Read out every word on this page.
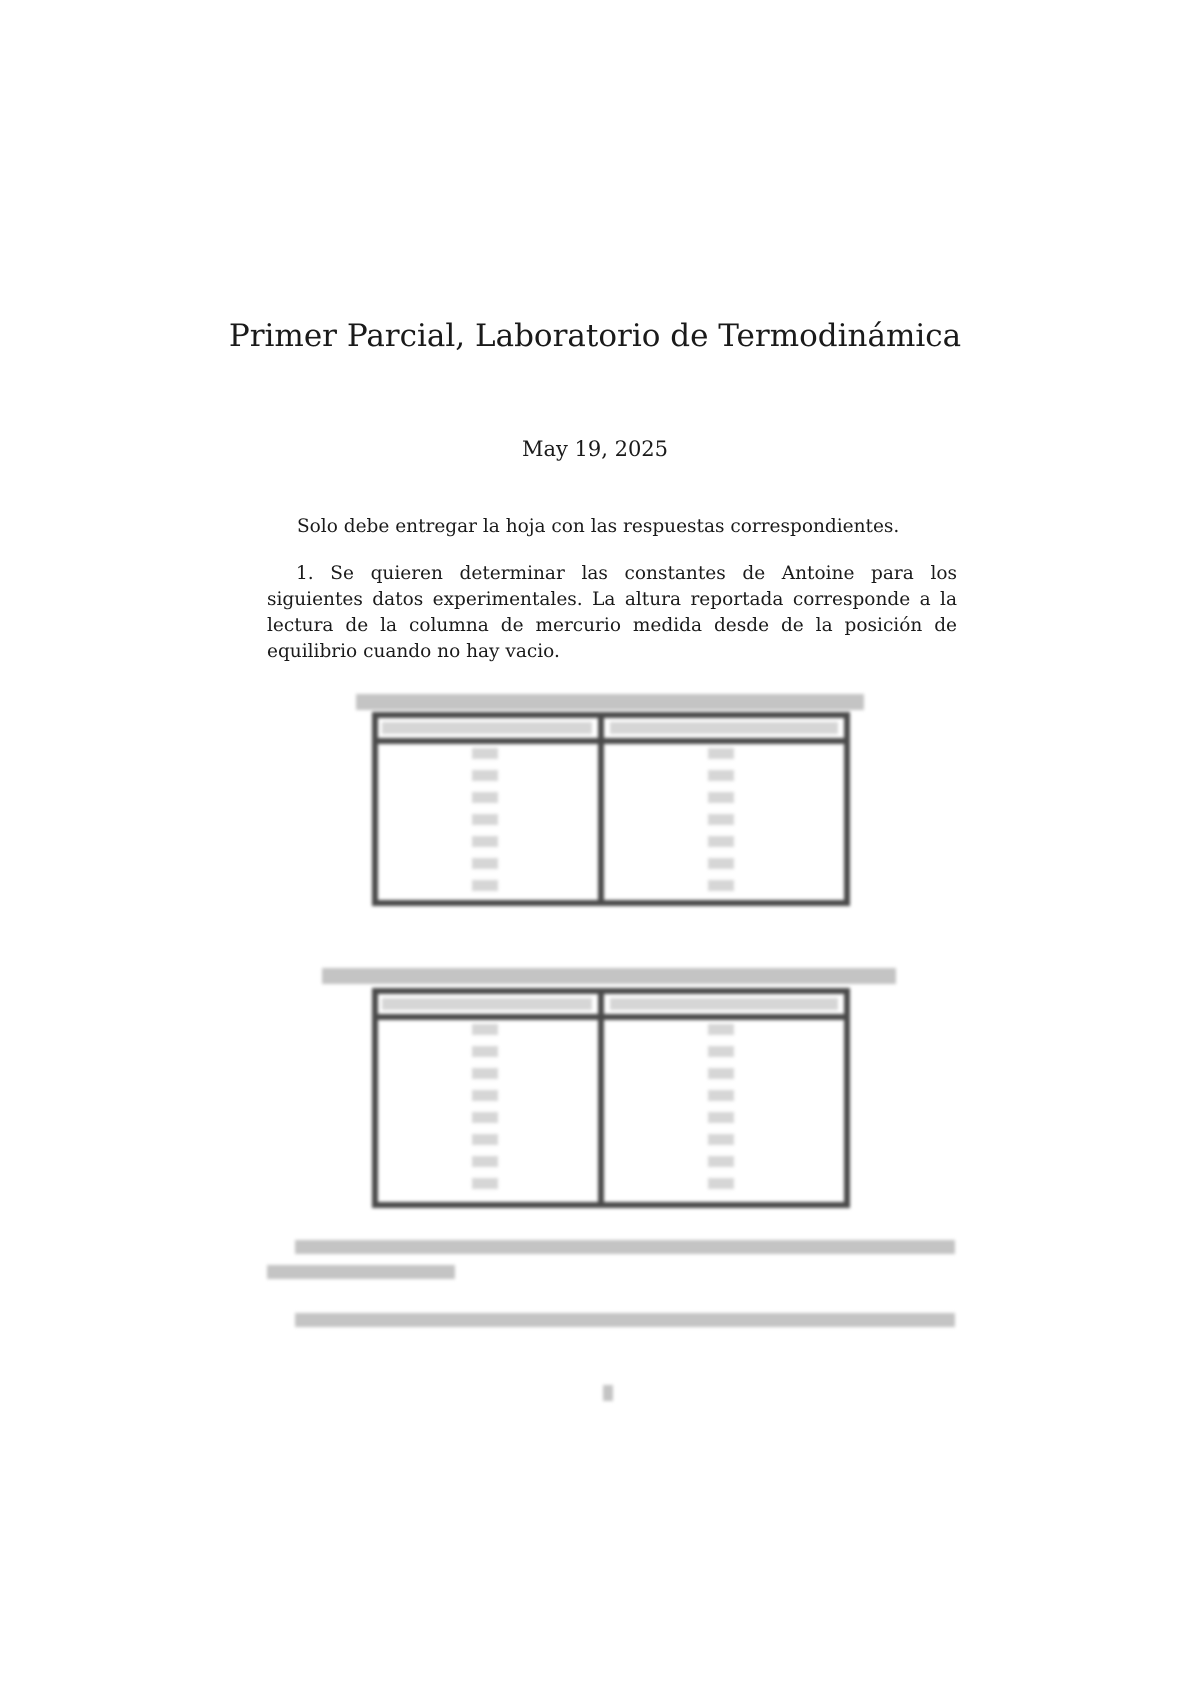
Primer Parcial, Laboratorio de Termodinámica
May 19, 2025
Solo debe entregar la hoja con las respuestas correspondientes.

1. Se quieren determinar las constantes de Antoine para los siguientes datos experimentales. La altura reportada corresponde a la lectura de la columna de mercurio medida desde de la posición de equilibrio cuando no hay vacio.
